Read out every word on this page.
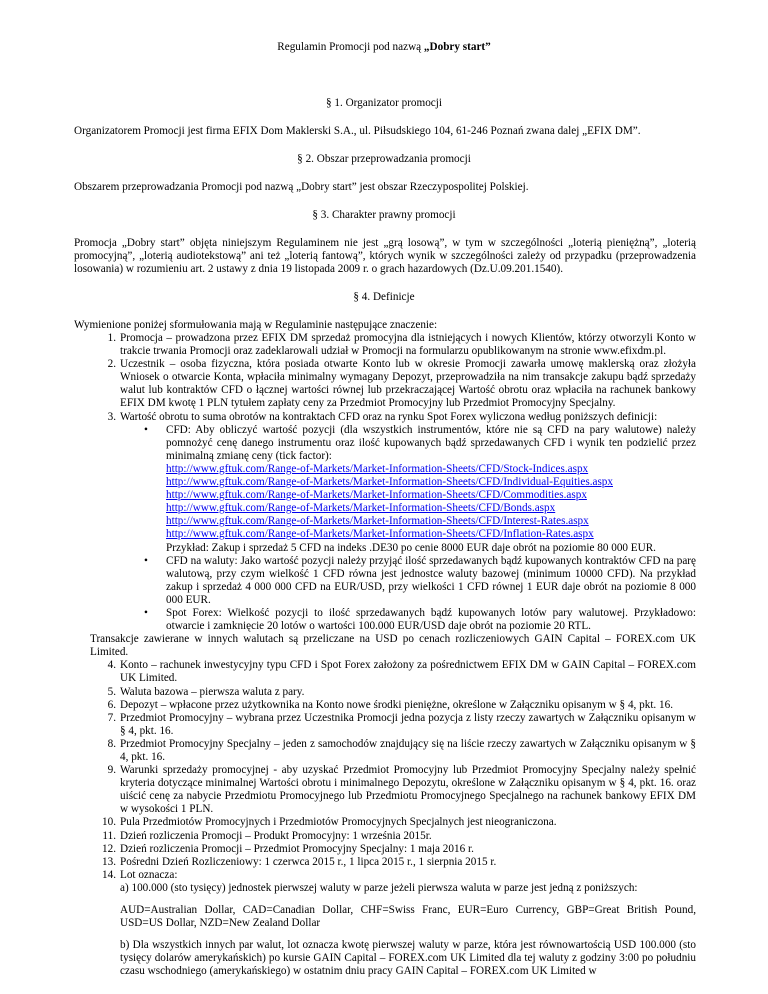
Regulamin Promocji pod nazwą „Dobry start”
§ 1. Organizator promocji
Organizatorem Promocji jest firma EFIX Dom Maklerski S.A., ul. Piłsudskiego 104, 61-246 Poznań zwana dalej „EFIX DM”.
§ 2. Obszar przeprowadzania promocji
Obszarem przeprowadzania Promocji pod nazwą „Dobry start” jest obszar Rzeczypospolitej Polskiej.
§ 3. Charakter prawny promocji
Promocja „Dobry start” objęta niniejszym Regulaminem nie jest „grą losową”, w tym w szczególności „loterią pieniężną”, „loterią promocyjną”, „loterią audiotekstową” ani też „loterią fantową”, których wynik w szczególności zależy od przypadku (przeprowadzenia losowania) w rozumieniu art. 2 ustawy z dnia 19 listopada 2009 r. o grach hazardowych (Dz.U.09.201.1540).
§ 4. Definicje
Wymienione poniżej sformułowania mają w Regulaminie następujące znaczenie:
1. Promocja – prowadzona przez EFIX DM sprzedaż promocyjna dla istniejących i nowych Klientów, którzy otworzyli Konto w trakcie trwania Promocji oraz zadeklarowali udział w Promocji na formularzu opublikowanym na stronie www.efixdm.pl.
2. Uczestnik – osoba fizyczna, która posiada otwarte Konto lub w okresie Promocji zawarła umowę maklerską oraz złożyła Wniosek o otwarcie Konta, wpłaciła minimalny wymagany Depozyt, przeprowadziła na nim transakcje zakupu bądź sprzedaży walut lub kontraktów CFD o łącznej wartości równej lub przekraczającej Wartość obrotu oraz wpłaciła na rachunek bankowy EFIX DM kwotę 1 PLN tytułem zapłaty ceny za Przedmiot Promocyjny lub Przedmiot Promocyjny Specjalny.
3. Wartość obrotu to suma obrotów na kontraktach CFD oraz na rynku Spot Forex wyliczona według poniższych definicji:
•	CFD: Aby obliczyć wartość pozycji (dla wszystkich instrumentów, które nie są CFD na pary walutowe) należy pomnożyć cenę danego instrumentu oraz ilość kupowanych bądź sprzedawanych CFD i wynik ten podzielić przez minimalną zmianę ceny (tick factor):
http://www.gftuk.com/Range-of-Markets/Market-Information-Sheets/CFD/Stock-Indices.aspx
http://www.gftuk.com/Range-of-Markets/Market-Information-Sheets/CFD/Individual-Equities.aspx
http://www.gftuk.com/Range-of-Markets/Market-Information-Sheets/CFD/Commodities.aspx
http://www.gftuk.com/Range-of-Markets/Market-Information-Sheets/CFD/Bonds.aspx
http://www.gftuk.com/Range-of-Markets/Market-Information-Sheets/CFD/Interest-Rates.aspx
http://www.gftuk.com/Range-of-Markets/Market-Information-Sheets/CFD/Inflation-Rates.aspx
Przykład: Zakup i sprzedaż 5 CFD na indeks .DE30 po cenie 8000 EUR daje obrót na poziomie 80 000 EUR.
•	CFD na waluty: Jako wartość pozycji należy przyjąć ilość sprzedawanych bądź kupowanych kontraktów CFD na parę walutową, przy czym wielkość 1 CFD równa jest jednostce waluty bazowej (minimum 10000 CFD). Na przykład zakup i sprzedaż 4 000 000 CFD na EUR/USD, przy wielkości 1 CFD równej 1 EUR daje obrót na poziomie 8 000 000 EUR.
•	Spot Forex: Wielkość pozycji to ilość sprzedawanych bądź kupowanych lotów pary walutowej. Przykładowo: otwarcie i zamknięcie 20 lotów o wartości 100.000 EUR/USD daje obrót na poziomie 20 RTL.
Transakcje zawierane w innych walutach są przeliczane na USD po cenach rozliczeniowych GAIN Capital – FOREX.com UK Limited.
4. Konto – rachunek inwestycyjny typu CFD i Spot Forex założony za pośrednictwem EFIX DM w GAIN Capital – FOREX.com UK Limited.
5. Waluta bazowa – pierwsza waluta z pary.
6. Depozyt – wpłacone przez użytkownika na Konto nowe środki pieniężne, określone w Załączniku opisanym w § 4, pkt. 16.
7. Przedmiot Promocyjny – wybrana przez Uczestnika Promocji jedna pozycja z listy rzeczy zawartych w Załączniku opisanym w § 4, pkt. 16.
8. Przedmiot Promocyjny Specjalny – jeden z samochodów znajdujący się na liście rzeczy zawartych w Załączniku opisanym w § 4, pkt. 16.
9. Warunki sprzedaży promocyjnej - aby uzyskać Przedmiot Promocyjny lub Przedmiot Promocyjny Specjalny należy spełnić kryteria dotyczące minimalnej Wartości obrotu i minimalnego Depozytu, określone w Załączniku opisanym w § 4, pkt. 16. oraz uiścić cenę za nabycie Przedmiotu Promocyjnego lub Przedmiotu Promocyjnego Specjalnego na rachunek bankowy EFIX DM w wysokości 1 PLN.
10. Pula Przedmiotów Promocyjnych i Przedmiotów Promocyjnych Specjalnych jest nieograniczona.
11. Dzień rozliczenia Promocji – Produkt Promocyjny: 1 września 2015r.
12. Dzień rozliczenia Promocji – Przedmiot Promocyjny Specjalny: 1 maja 2016 r.
13. Pośredni Dzień Rozliczeniowy: 1 czerwca 2015 r., 1 lipca 2015 r., 1 sierpnia 2015 r.
14. Lot oznacza:
a) 100.000 (sto tysięcy) jednostek pierwszej waluty w parze jeżeli pierwsza waluta w parze jest jedną z poniższych:
AUD=Australian Dollar, CAD=Canadian Dollar, CHF=Swiss Franc, EUR=Euro Currency, GBP=Great British Pound, USD=US Dollar, NZD=New Zealand Dollar
b) Dla wszystkich innych par walut, lot oznacza kwotę pierwszej waluty w parze, która jest równowartością USD 100.000 (sto tysięcy dolarów amerykańskich) po kursie GAIN Capital – FOREX.com UK Limited dla tej waluty z godziny 3:00 po południu czasu wschodniego (amerykańskiego) w ostatnim dniu pracy GAIN Capital – FOREX.com UK Limited w
